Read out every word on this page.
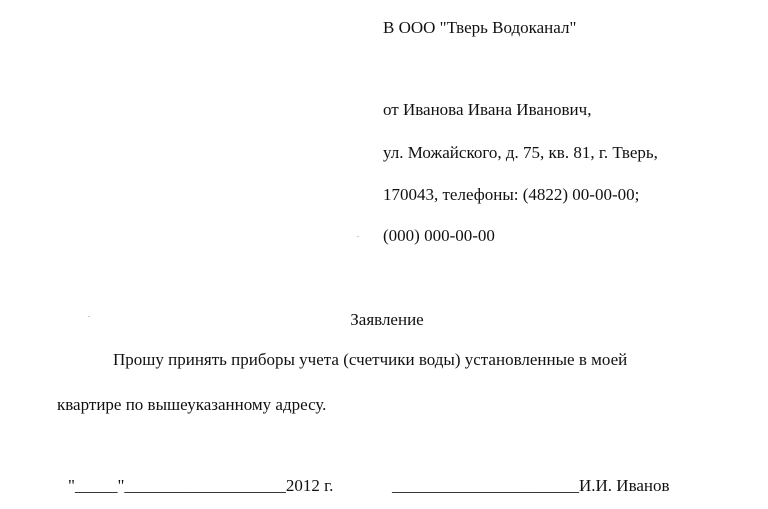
В ООО "Тверь Водоканал"
от Иванова Ивана Иванович,
ул. Можайского, д. 75, кв. 81, г. Тверь,
170043, телефоны: (4822) 00-00-00;
(000) 000-00-00
Заявление
Прошу принять приборы учета (счетчики воды) установленные в моей
квартире по вышеуказанному адресу.
"_____"___________________2012 г.	______________________И.И. Иванов
